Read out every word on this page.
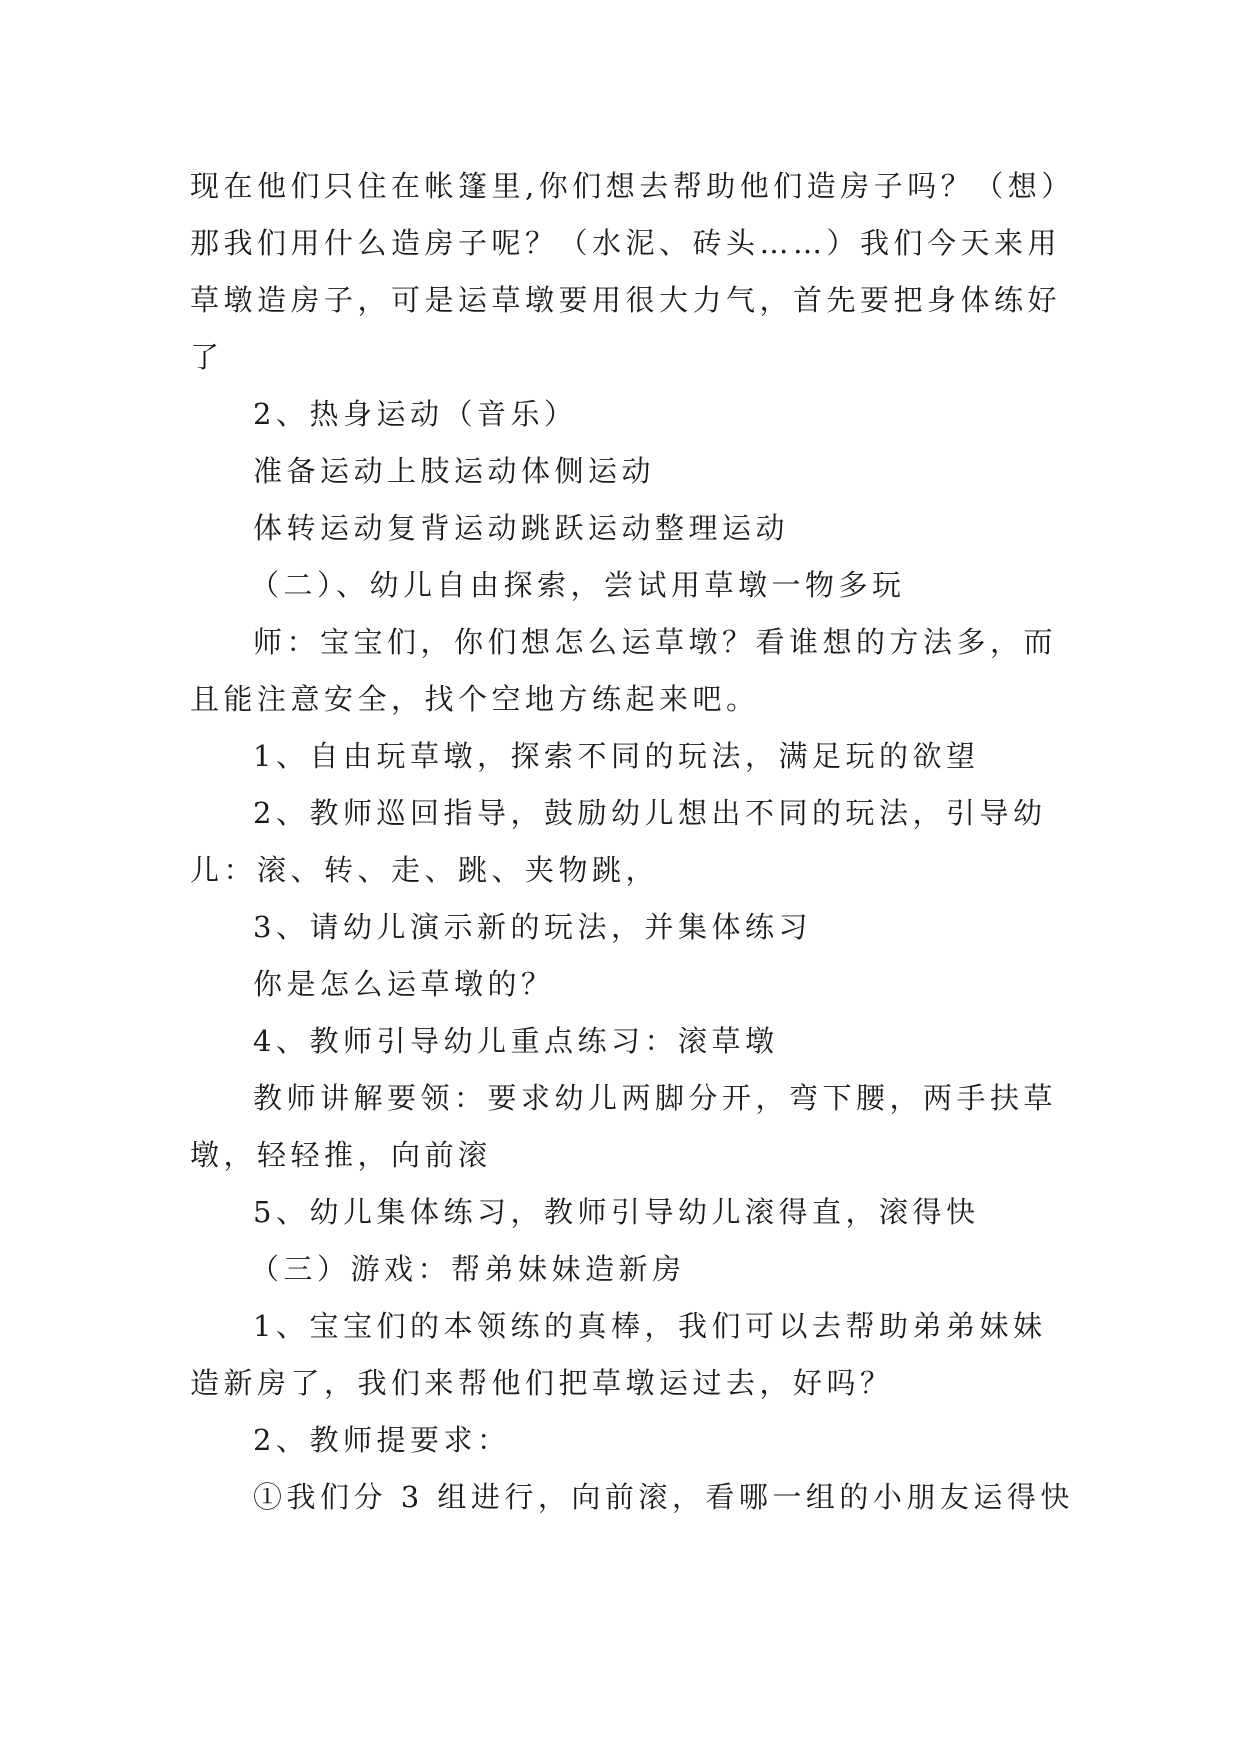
现在他们只住在帐篷里,你们想去帮助他们造房子吗？（想）
那我们用什么造房子呢？（水泥、砖头……）我们今天来用
草墩造房子，可是运草墩要用很大力气，首先要把身体练好
了
2、热身运动（音乐）
准备运动上肢运动体侧运动
体转运动复背运动跳跃运动整理运动
（二）、幼儿自由探索，尝试用草墩一物多玩
师：宝宝们，你们想怎么运草墩？看谁想的方法多，而
且能注意安全，找个空地方练起来吧。
1、自由玩草墩，探索不同的玩法，满足玩的欲望
2、教师巡回指导，鼓励幼儿想出不同的玩法，引导幼
儿：滚、转、走、跳、夹物跳，
3、请幼儿演示新的玩法，并集体练习
你是怎么运草墩的？
4、教师引导幼儿重点练习：滚草墩
教师讲解要领：要求幼儿两脚分开，弯下腰，两手扶草
墩，轻轻推，向前滚
5、幼儿集体练习，教师引导幼儿滚得直，滚得快
（三）游戏：帮弟妹妹造新房
1、宝宝们的本领练的真棒，我们可以去帮助弟弟妹妹
造新房了，我们来帮他们把草墩运过去，好吗？
2、教师提要求：
①我们分 3 组进行，向前滚，看哪一组的小朋友运得快
